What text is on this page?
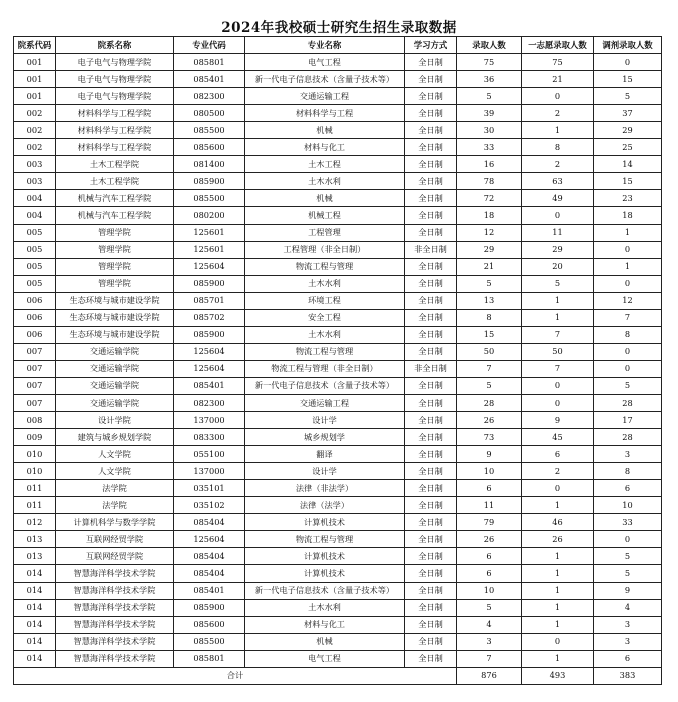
2024年我校硕士研究生招生录取数据
院系代码	院系名称	专业代码	专业名称	学习方式	录取人数	一志愿录取人数	调剂录取人数
001	电子电气与物理学院	085801	电气工程	全日制	75	75	0
001	电子电气与物理学院	085401	新一代电子信息技术（含量子技术等）	全日制	36	21	15
001	电子电气与物理学院	082300	交通运输工程	全日制	5	0	5
002	材料科学与工程学院	080500	材料科学与工程	全日制	39	2	37
002	材料科学与工程学院	085500	机械	全日制	30	1	29
002	材料科学与工程学院	085600	材料与化工	全日制	33	8	25
003	土木工程学院	081400	土木工程	全日制	16	2	14
003	土木工程学院	085900	土木水利	全日制	78	63	15
004	机械与汽车工程学院	085500	机械	全日制	72	49	23
004	机械与汽车工程学院	080200	机械工程	全日制	18	0	18
005	管理学院	125601	工程管理	全日制	12	11	1
005	管理学院	125601	工程管理（非全日制）	非全日制	29	29	0
005	管理学院	125604	物流工程与管理	全日制	21	20	1
005	管理学院	085900	土木水利	全日制	5	5	0
006	生态环境与城市建设学院	085701	环境工程	全日制	13	1	12
006	生态环境与城市建设学院	085702	安全工程	全日制	8	1	7
006	生态环境与城市建设学院	085900	土木水利	全日制	15	7	8
007	交通运输学院	125604	物流工程与管理	全日制	50	50	0
007	交通运输学院	125604	物流工程与管理（非全日制）	非全日制	7	7	0
007	交通运输学院	085401	新一代电子信息技术（含量子技术等）	全日制	5	0	5
007	交通运输学院	082300	交通运输工程	全日制	28	0	28
008	设计学院	137000	设计学	全日制	26	9	17
009	建筑与城乡规划学院	083300	城乡规划学	全日制	73	45	28
010	人文学院	055100	翻译	全日制	9	6	3
010	人文学院	137000	设计学	全日制	10	2	8
011	法学院	035101	法律（非法学）	全日制	6	0	6
011	法学院	035102	法律（法学）	全日制	11	1	10
012	计算机科学与数学学院	085404	计算机技术	全日制	79	46	33
013	互联网经贸学院	125604	物流工程与管理	全日制	26	26	0
013	互联网经贸学院	085404	计算机技术	全日制	6	1	5
014	智慧海洋科学技术学院	085404	计算机技术	全日制	6	1	5
014	智慧海洋科学技术学院	085401	新一代电子信息技术（含量子技术等）	全日制	10	1	9
014	智慧海洋科学技术学院	085900	土木水利	全日制	5	1	4
014	智慧海洋科学技术学院	085600	材料与化工	全日制	4	1	3
014	智慧海洋科学技术学院	085500	机械	全日制	3	0	3
014	智慧海洋科学技术学院	085801	电气工程	全日制	7	1	6
合计					876	493	383
